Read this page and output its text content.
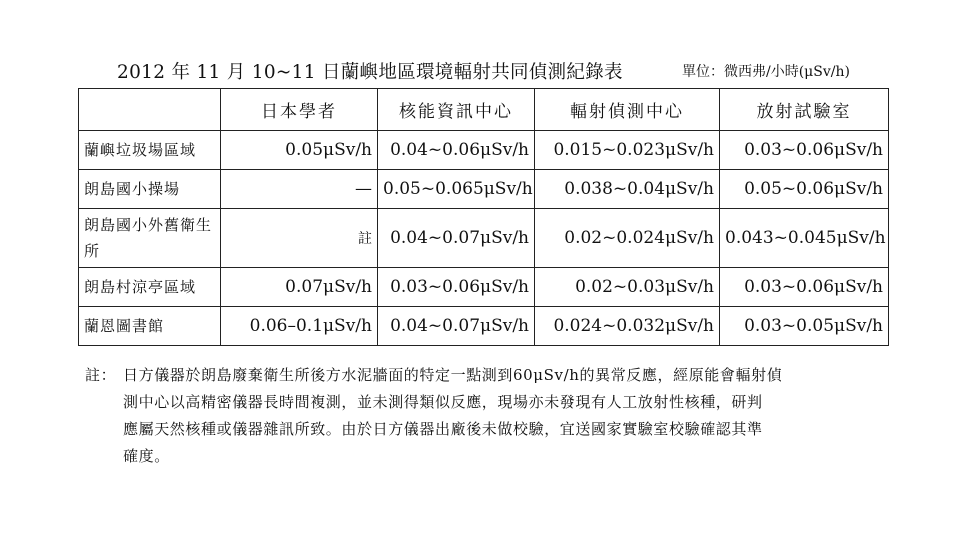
2012 年 11 月 10~11 日蘭嶼地區環境輻射共同偵測紀錄表	單位：微西弗/小時(μSv/h)
	日本學者	核能資訊中心	輻射偵測中心	放射試驗室
蘭嶼垃圾場區域	0.05μSv/h	0.04~0.06μSv/h	0.015~0.023μSv/h	0.03~0.06μSv/h
朗島國小操場	—	0.05~0.065μSv/h	0.038~0.04μSv/h	0.05~0.06μSv/h
朗島國小外舊衛生所	註	0.04~0.07μSv/h	0.02~0.024μSv/h	0.043~0.045μSv/h
朗島村涼亭區域	0.07μSv/h	0.03~0.06μSv/h	0.02~0.03μSv/h	0.03~0.06μSv/h
蘭恩圖書館	0.06–0.1μSv/h	0.04~0.07μSv/h	0.024~0.032μSv/h	0.03~0.05μSv/h
註： 日方儀器於朗島廢棄衛生所後方水泥牆面的特定一點測到60μSv/h的異常反應，經原能會輻射偵
測中心以高精密儀器長時間複測，並未測得類似反應，現場亦未發現有人工放射性核種，研判
應屬天然核種或儀器雜訊所致。由於日方儀器出廠後未做校驗，宜送國家實驗室校驗確認其準
確度。
